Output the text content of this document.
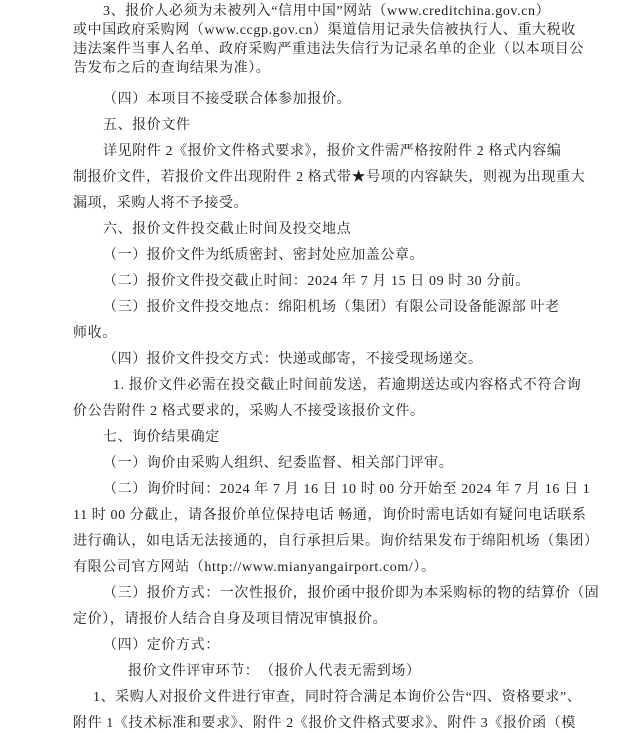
3、报价人必须为未被列入“信用中国”网站（www.creditchina.gov.cn）
或中国政府采购网（www.ccgp.gov.cn）渠道信用记录失信被执行人、重大税收
违法案件当事人名单、政府采购严重违法失信行为记录名单的企业（以本项目公
告发布之后的查询结果为准）。
（四）本项目不接受联合体参加报价。
五、报价文件
详见附件 2《报价文件格式要求》，报价文件需严格按附件 2 格式内容编
制报价文件，若报价文件出现附件 2 格式带★号项的内容缺失，则视为出现重大
漏项，采购人将不予接受。
六、报价文件投交截止时间及投交地点
（一）报价文件为纸质密封、密封处应加盖公章。
（二）报价文件投交截止时间：2024 年 7 月 15 日 09 时 30 分前。
（三）报价文件投交地点：绵阳机场（集团）有限公司设备能源部 叶老
师收。
（四）报价文件投交方式：快递或邮寄，不接受现场递交。
1. 报价文件必需在投交截止时间前发送，若逾期送达或内容格式不符合询
价公告附件 2 格式要求的，采购人不接受该报价文件。
七、询价结果确定
（一）询价由采购人组织、纪委监督、相关部门评审。
（二）询价时间：2024 年 7 月 16 日 10 时 00 分开始至 2024 年 7 月 16 日 1
11 时 00 分截止，请各报价单位保持电话 畅通，询价时需电话如有疑问电话联系
进行确认，如电话无法接通的，自行承担后果。询价结果发布于绵阳机场（集团）
有限公司官方网站（http://www.mianyangairport.com/）。
（三）报价方式：一次性报价，报价函中报价即为本采购标的物的结算价（固
定价），请报价人结合自身及项目情况审慎报价。
（四）定价方式：
报价文件评审环节：　（报价人代表无需到场）
1、采购人对报价文件进行审查，同时符合满足本询价公告“四、资格要求”、
附件 1《技术标准和要求》、附件 2《报价文件格式要求》、附件 3《报价函（模
